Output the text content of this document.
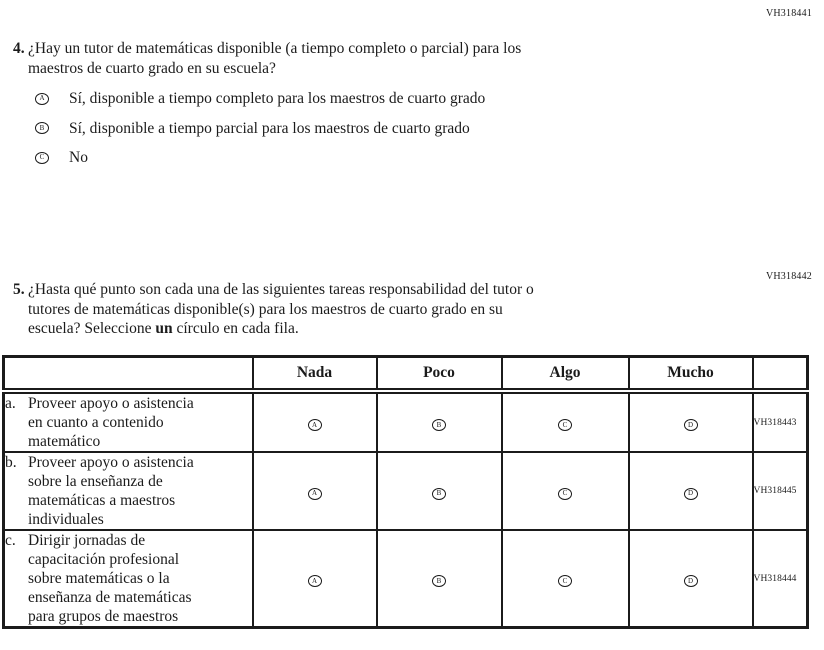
VH318441
4. ¿Hay un tutor de matemáticas disponible (a tiempo completo o parcial) para los
maestros de cuarto grado en su escuela?
A Sí, disponible a tiempo completo para los maestros de cuarto grado
B	Sí, disponible a tiempo parcial para los maestros de cuarto grado
C	No
VH318442
5. ¿Hasta qué punto son cada una de las siguientes tareas responsabilidad del tutor o
tutores de matemáticas disponible(s) para los maestros de cuarto grado en su
escuela? Seleccione un círculo en cada fila.
	Nada	Poco	Algo	Mucho	

a. Proveer apoyo o asistencia
en cuanto a contenido
matemático	A	B	C	D	VH318443

b. Proveer apoyo o asistencia
sobre la enseñanza de
matemáticas a maestros
individuales	A	B	C	D	VH318445

c. Dirigir jornadas de
capacitación profesional
sobre matemáticas o la
enseñanza de matemáticas
para grupos de maestros
	A	B	C	D	VH318444
